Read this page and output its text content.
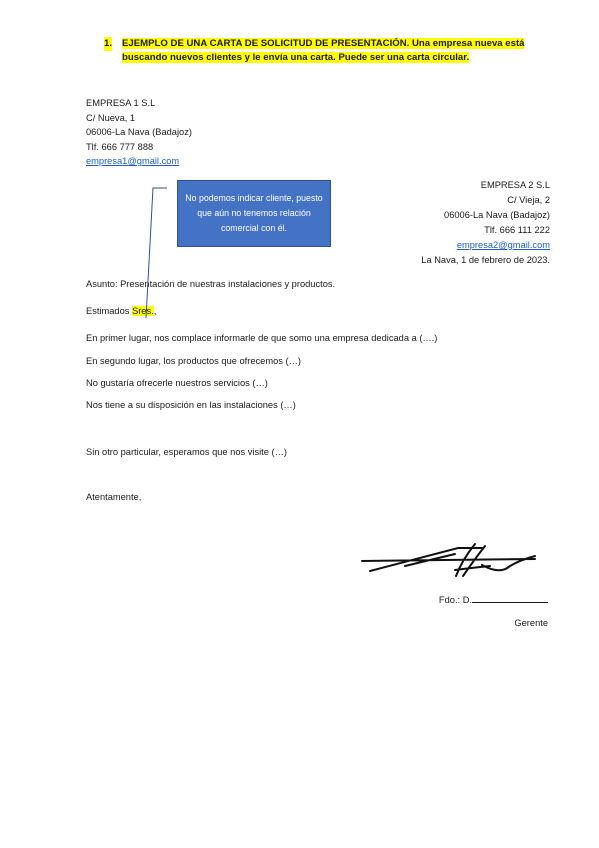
1. EJEMPLO DE UNA CARTA DE SOLICITUD DE PRESENTACIÓN. Una empresa nueva está buscando nuevos clientes y le envía una carta. Puede ser una carta circular.
EMPRESA 1 S.L
C/ Nueva, 1
06006-La Nava (Badajoz)
Tlf. 666 777 888
empresa1@gmail.com
No podemos indicar cliente, puesto que aún no tenemos relación comercial con él.
EMPRESA 2 S.L
C/ Vieja, 2
06006-La Nava (Badajoz)
Tlf. 666 111 222
empresa2@gmail.com
La Nava, 1 de febrero de 2023.
Asunto: Presentación de nuestras instalaciones y productos.
Estimados Sres.,
En primer lugar, nos complace informarle de que somo una empresa dedicada a (….)
En segundo lugar, los productos que ofrecemos (…)
No gustaría ofrecerle nuestros servicios (…)
Nos tiene a su disposición en las instalaciones (…)
Sin otro particular, esperamos que nos visite (…)
Atentamente,
Fdo.: D.
Gerente
